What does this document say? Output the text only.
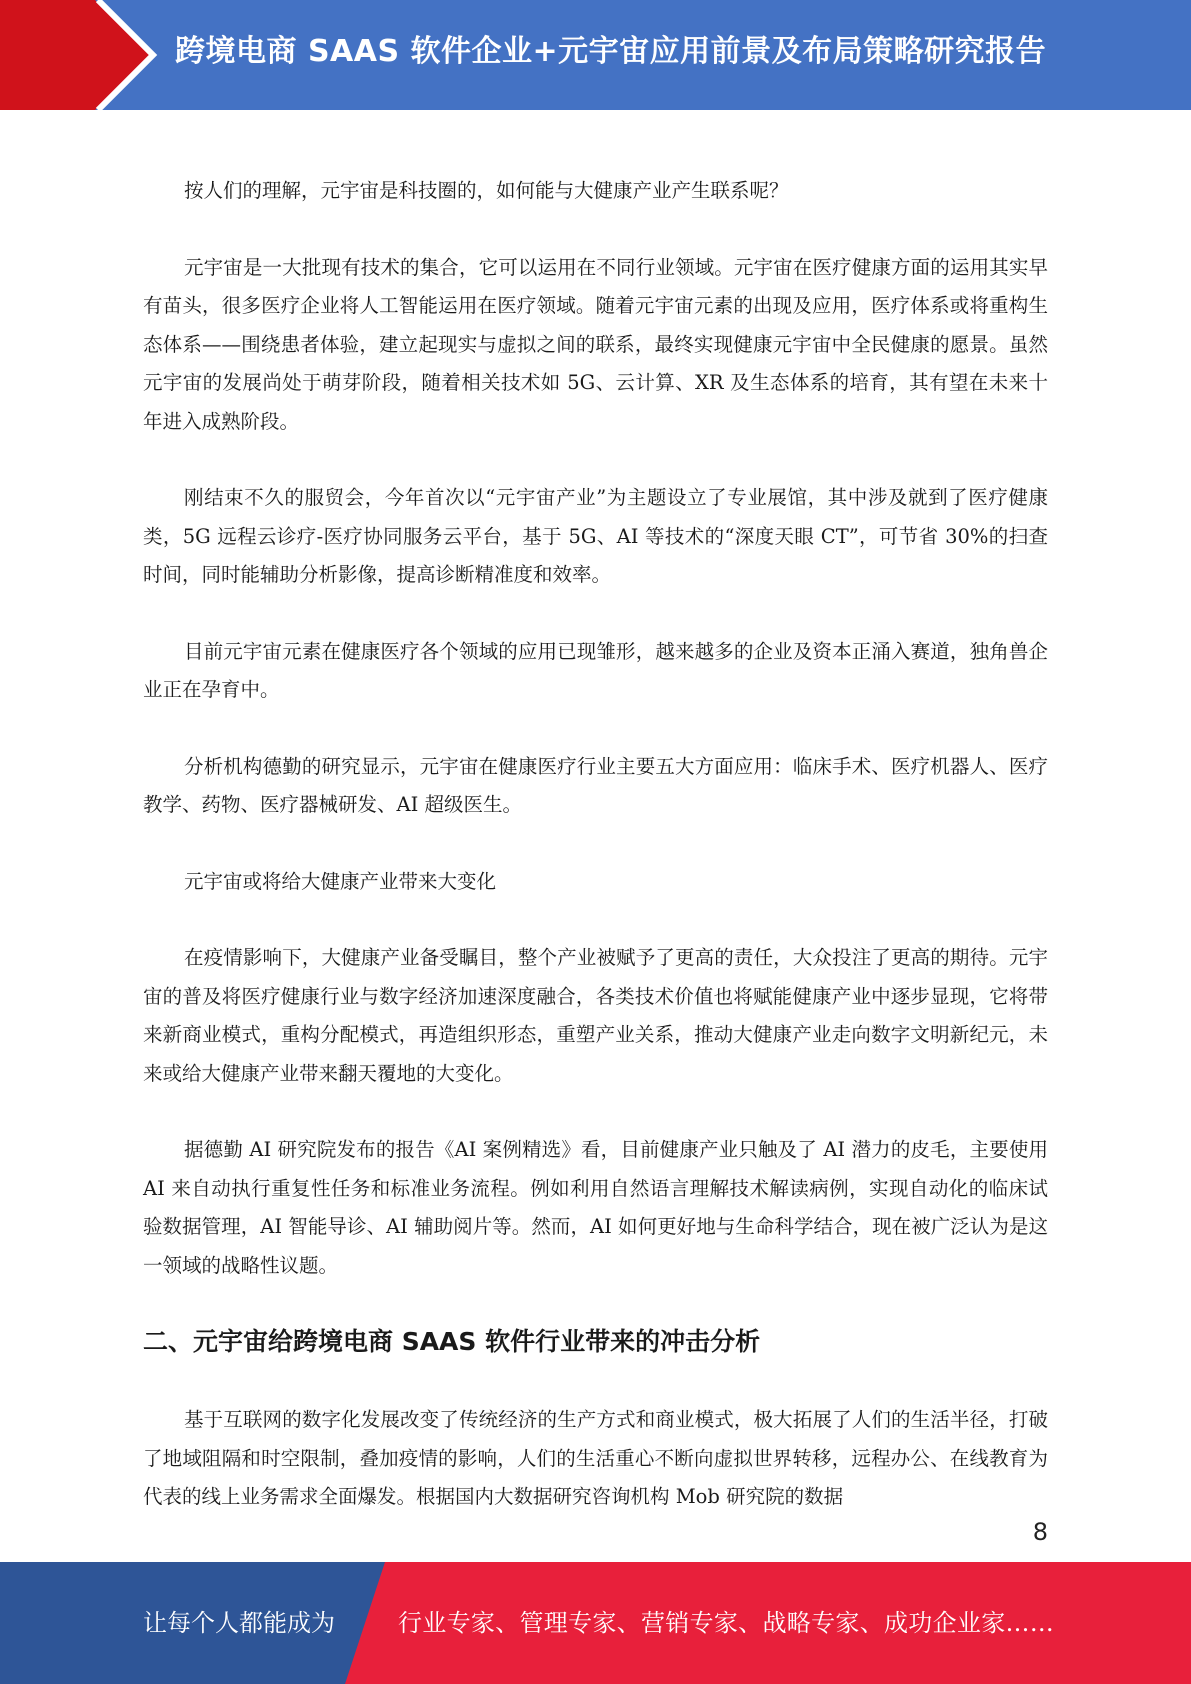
跨境电商 SAAS 软件企业+元宇宙应用前景及布局策略研究报告

按人们的理解，元宇宙是科技圈的，如何能与大健康产业产生联系呢？

元宇宙是一大批现有技术的集合，它可以运用在不同行业领域。元宇宙在医疗健康方面的运用其实早有苗头，很多医疗企业将人工智能运用在医疗领域。随着元宇宙元素的出现及应用，医疗体系或将重构生态体系——围绕患者体验，建立起现实与虚拟之间的联系，最终实现健康元宇宙中全民健康的愿景。虽然元宇宙的发展尚处于萌芽阶段，随着相关技术如 5G、云计算、XR 及生态体系的培育，其有望在未来十年进入成熟阶段。

刚结束不久的服贸会，今年首次以“元宇宙产业”为主题设立了专业展馆，其中涉及就到了医疗健康类，5G 远程云诊疗-医疗协同服务云平台，基于 5G、AI 等技术的“深度天眼 CT”，可节省 30%的扫查时间，同时能辅助分析影像，提高诊断精准度和效率。

目前元宇宙元素在健康医疗各个领域的应用已现雏形，越来越多的企业及资本正涌入赛道，独角兽企业正在孕育中。

分析机构德勤的研究显示，元宇宙在健康医疗行业主要五大方面应用：临床手术、医疗机器人、医疗教学、药物、医疗器械研发、AI 超级医生。

元宇宙或将给大健康产业带来大变化

在疫情影响下，大健康产业备受瞩目，整个产业被赋予了更高的责任，大众投注了更高的期待。元宇宙的普及将医疗健康行业与数字经济加速深度融合，各类技术价值也将赋能健康产业中逐步显现，它将带来新商业模式，重构分配模式，再造组织形态，重塑产业关系，推动大健康产业走向数字文明新纪元，未来或给大健康产业带来翻天覆地的大变化。

据德勤 AI 研究院发布的报告《AI 案例精选》看，目前健康产业只触及了 AI 潜力的皮毛，主要使用 AI 来自动执行重复性任务和标准业务流程。例如利用自然语言理解技术解读病例，实现自动化的临床试验数据管理，AI 智能导诊、AI 辅助阅片等。然而，AI 如何更好地与生命科学结合，现在被广泛认为是这一领域的战略性议题。

二、元宇宙给跨境电商 SAAS 软件行业带来的冲击分析

基于互联网的数字化发展改变了传统经济的生产方式和商业模式，极大拓展了人们的生活半径，打破了地域阻隔和时空限制，叠加疫情的影响，人们的生活重心不断向虚拟世界转移，远程办公、在线教育为代表的线上业务需求全面爆发。根据国内大数据研究咨询机构 Mob 研究院的数据

8
让每个人都能成为	行业专家、管理专家、营销专家、战略专家、成功企业家……
